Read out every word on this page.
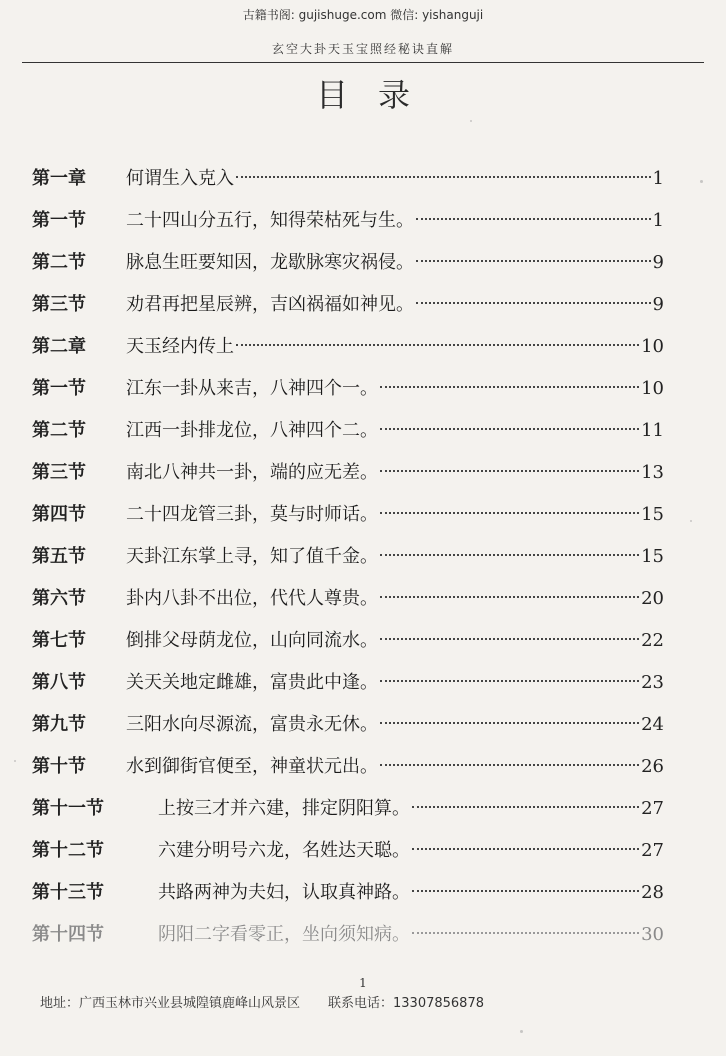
古籍书阁: gujishuge.com 微信: yishanguji
玄空大卦天玉宝照经秘诀直解
目录
第一章	何谓生入克入	1
第一节	二十四山分五行，知得荣枯死与生。	1
第二节	脉息生旺要知因，龙歇脉寒灾祸侵。	9
第三节	劝君再把星辰辨，吉凶祸福如神见。	9
第二章	天玉经内传上	10
第一节	江东一卦从来吉，八神四个一。	10
第二节	江西一卦排龙位，八神四个二。	11
第三节	南北八神共一卦，端的应无差。	13
第四节	二十四龙管三卦，莫与时师话。	15
第五节	天卦江东掌上寻，知了值千金。	15
第六节	卦内八卦不出位，代代人尊贵。	20
第七节	倒排父母荫龙位，山向同流水。	22
第八节	关天关地定雌雄，富贵此中逢。	23
第九节	三阳水向尽源流，富贵永无休。	24
第十节	水到御街官便至，神童状元出。	26
第十一节	上按三才并六建，排定阴阳算。	27
第十二节	六建分明号六龙，名姓达天聪。	27
第十三节	共路两神为夫妇，认取真神路。	28
第十四节	阴阳二字看零正，坐向须知病。	30
1
地址：广西玉林市兴业县城隍镇鹿峰山风景区 联系电话：13307856878
